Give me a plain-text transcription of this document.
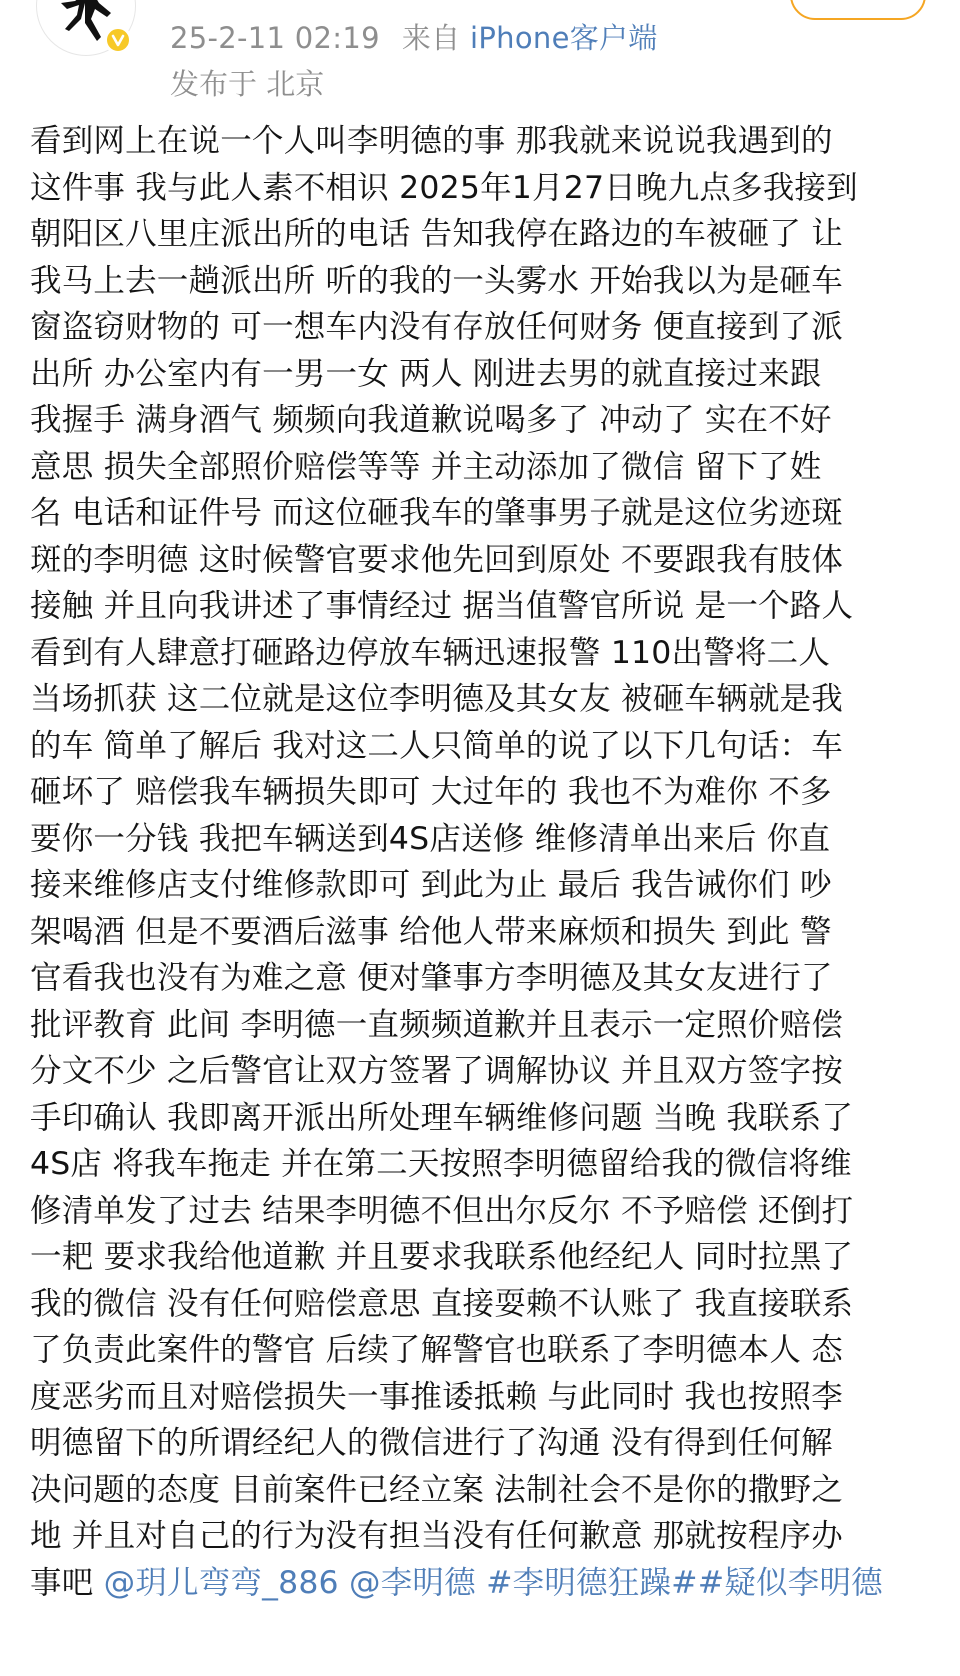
25-2-11 02:19 来自 iPhone客户端
发布于 北京
看到网上在说一个人叫李明德的事 那我就来说说我遇到的
这件事 我与此人素不相识 2025年1月27日晚九点多我接到
朝阳区八里庄派出所的电话 告知我停在路边的车被砸了 让
我马上去一趟派出所 听的我的一头雾水 开始我以为是砸车
窗盗窃财物的 可一想车内没有存放任何财务 便直接到了派
出所 办公室内有一男一女 两人 刚进去男的就直接过来跟
我握手 满身酒气 频频向我道歉说喝多了 冲动了 实在不好
意思 损失全部照价赔偿等等 并主动添加了微信 留下了姓
名 电话和证件号 而这位砸我车的肇事男子就是这位劣迹斑
斑的李明德 这时候警官要求他先回到原处 不要跟我有肢体
接触 并且向我讲述了事情经过 据当值警官所说 是一个路人
看到有人肆意打砸路边停放车辆迅速报警 110出警将二人
当场抓获 这二位就是这位李明德及其女友 被砸车辆就是我
的车 简单了解后 我对这二人只简单的说了以下几句话：车
砸坏了 赔偿我车辆损失即可 大过年的 我也不为难你 不多
要你一分钱 我把车辆送到4S店送修 维修清单出来后 你直
接来维修店支付维修款即可 到此为止 最后 我告诫你们 吵
架喝酒 但是不要酒后滋事 给他人带来麻烦和损失 到此 警
官看我也没有为难之意 便对肇事方李明德及其女友进行了
批评教育 此间 李明德一直频频道歉并且表示一定照价赔偿
分文不少 之后警官让双方签署了调解协议 并且双方签字按
手印确认 我即离开派出所处理车辆维修问题 当晚 我联系了
4S店 将我车拖走 并在第二天按照李明德留给我的微信将维
修清单发了过去 结果李明德不但出尔反尔 不予赔偿 还倒打
一耙 要求我给他道歉 并且要求我联系他经纪人 同时拉黑了
我的微信 没有任何赔偿意思 直接耍赖不认账了 我直接联系
了负责此案件的警官 后续了解警官也联系了李明德本人 态
度恶劣而且对赔偿损失一事推诿抵赖 与此同时 我也按照李
明德留下的所谓经纪人的微信进行了沟通 没有得到任何解
决问题的态度 目前案件已经立案 法制社会不是你的撒野之
地 并且对自己的行为没有担当没有任何歉意 那就按程序办
事吧 @玥儿弯弯_886 @李明德 #李明德狂躁##疑似李明德
